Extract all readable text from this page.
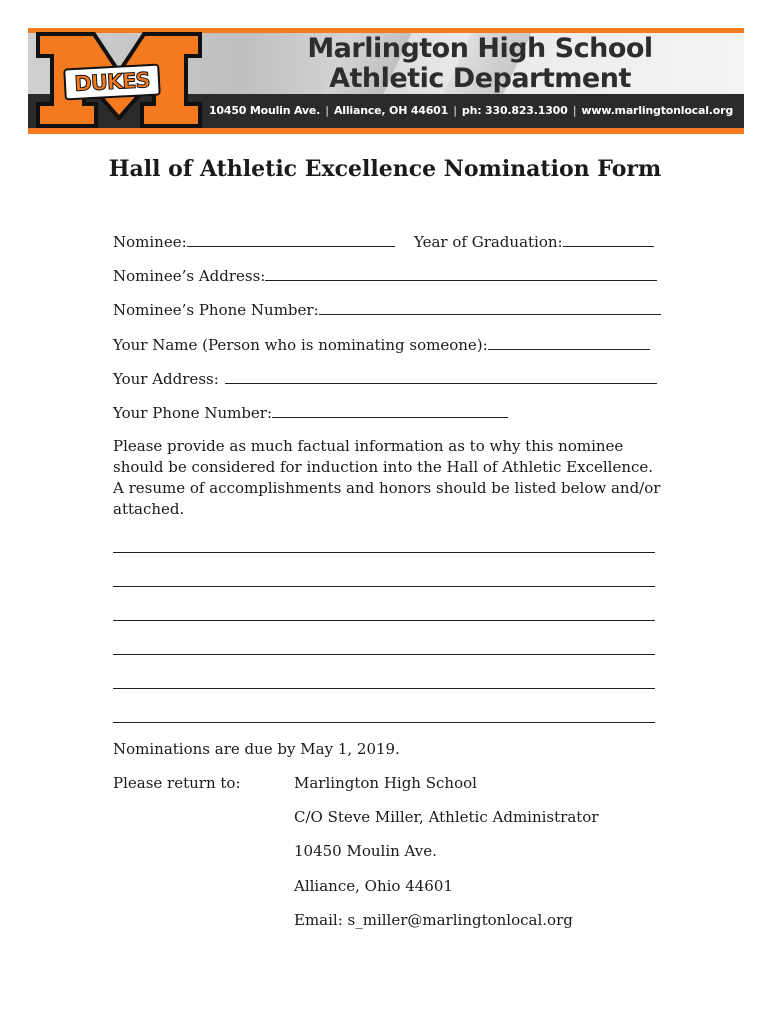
DUKES
Marlington High School
Athletic Department
10450 Moulin Ave. | Alliance, OH 44601 | ph: 330.823.1300 | www.marlingtonlocal.org
Hall of Athletic Excellence Nomination Form
Nominee:	Year of Graduation:
Nominee’s Address:
Nominee’s Phone Number:
Your Name (Person who is nominating someone):
Your Address:
Your Phone Number:
Please provide as much factual information as to why this nominee should be considered for induction into the Hall of Athletic Excellence. A resume of accomplishments and honors should be listed below and/or attached.
Nominations are due by May 1, 2019.
Please return to:	Marlington High School
C/O Steve Miller, Athletic Administrator
10450 Moulin Ave.
Alliance, Ohio 44601
Email: s_miller@marlingtonlocal.org
